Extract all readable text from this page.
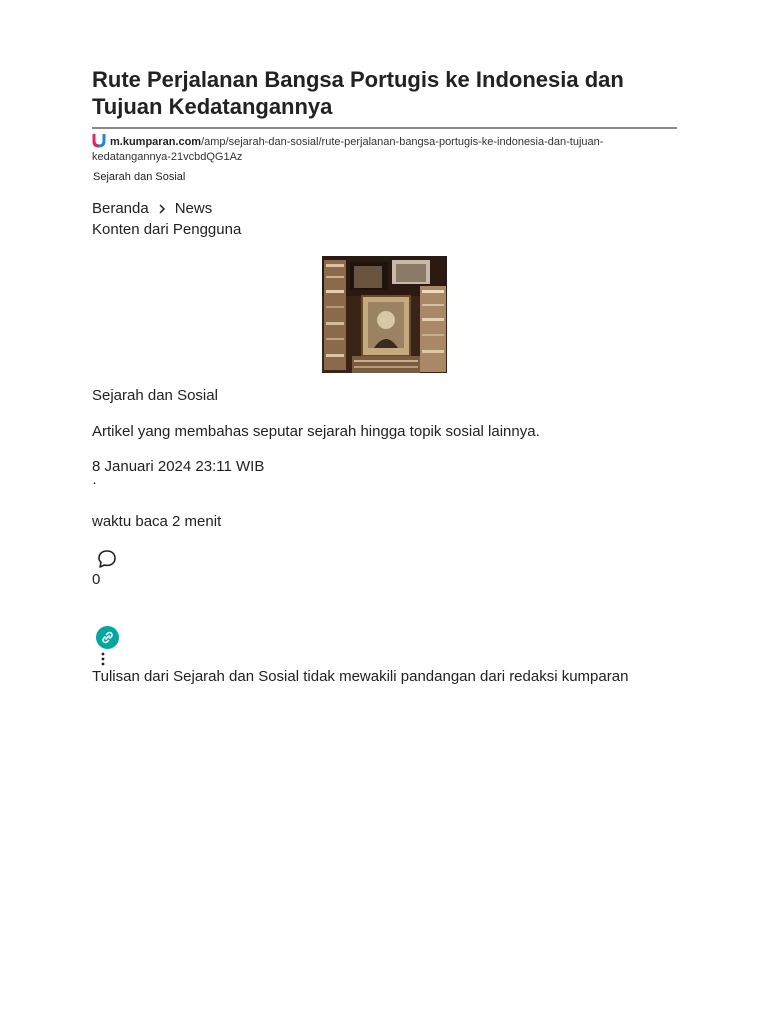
Rute Perjalanan Bangsa Portugis ke Indonesia dan Tujuan Kedatangannya
m.kumparan.com/amp/sejarah-dan-sosial/rute-perjalanan-bangsa-portugis-ke-indonesia-dan-tujuan-kedatangannya-21vcbdQG1Az
Sejarah dan Sosial
Beranda News
Konten dari Pengguna
Sejarah dan Sosial
Artikel yang membahas seputar sejarah hingga topik sosial lainnya.
8 Januari 2024 23:11 WIB
·
waktu baca 2 menit
0
Tulisan dari Sejarah dan Sosial tidak mewakili pandangan dari redaksi kumparan
